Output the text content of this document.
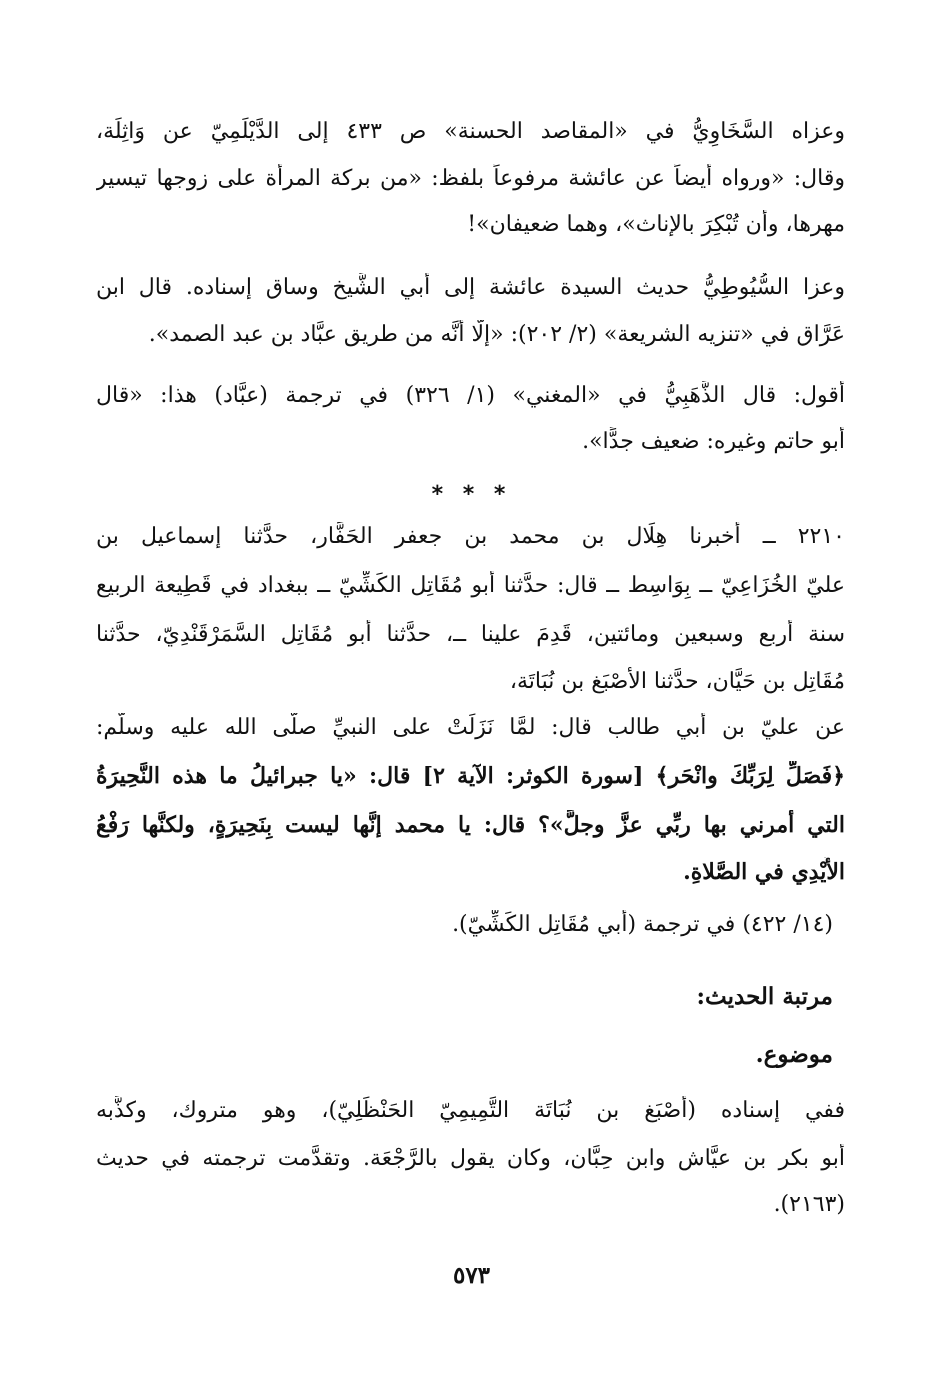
وعزاه السَّخَاوِيُّ في «المقاصد الحسنة» ص ٤٣٣ إلى الدَّيْلَمِيّ عن وَاثِلَة،
وقال: «ورواه أيضاً عن عائشة مرفوعاً بلفظ: «من بركة المرأة على زوجها تيسير
مهرها، وأن تُبْكِرَ بالإناث»، وهما ضعيفان»!
وعزا السُّيُوطِيُّ حديث السيدة عائشة إلى أبي الشَّيخ وساق إسناده. قال ابن
عَرَّاق في «تنزيه الشريعة» (٢/ ٢٠٢): «إلَّا أنَّه من طريق عبَّاد بن عبد الصمد».
أقول: قال الذَّهَبِيُّ في «المغني» (١/ ٣٢٦) في ترجمة (عبَّاد) هذا: «قال
أبو حاتم وغيره: ضعيف جدًّا».
* * *
٢٢١٠ ــ أخبرنا هِلَال بن محمد بن جعفر الحَفَّار، حدَّثنا إسماعيل بن
عليّ الخُزَاعِيّ ــ بِوَاسِط ــ قال: حدَّثنا أبو مُقَاتِل الكَشِّيّ ــ ببغداد في قَطِيعة الربيع
سنة أربع وسبعين ومائتين، قَدِمَ علينا ــ، حدَّثنا أبو مُقَاتِل السَّمَرْقَنْدِيّ، حدَّثنا
مُقَاتِل بن حَيَّان، حدَّثنا الأَصْبَغ بن نُبَاتَة،
عن عليّ بن أبي طالب قال: لمَّا نَزَلَتْ على النبيِّ صلَّى الله عليه وسلَّم:
﴿فَصَلِّ لِرَبِّكَ وانْحَر﴾ [سورة الكوثر: الآية ٢] قال: «يا جبرائيلُ ما هذه النَّحِيرَةُ
التي أمرني بها ربِّي عزَّ وجلَّ»؟ قال: يا محمد إنَّها ليست بِنَحِيرَةٍ، ولكنَّها رَفْعُ
الأَيْدِي في الصَّلاةِ.
(١٤/ ٤٢٢) في ترجمة (أبي مُقَاتِل الكَشِّيّ).
مرتبة الحديث:
موضوع.
ففي إسناده (أَصْبَغ بن نُبَاتَة التَّمِيمِيّ الحَنْظَلِيّ)، وهو متروك، وكذَّبه
أبو بكر بن عيَّاش وابن حِبَّان، وكان يقول بالرَّجْعَة. وتقدَّمت ترجمته في حديث
(٢١٦٣).
٥٧٣
